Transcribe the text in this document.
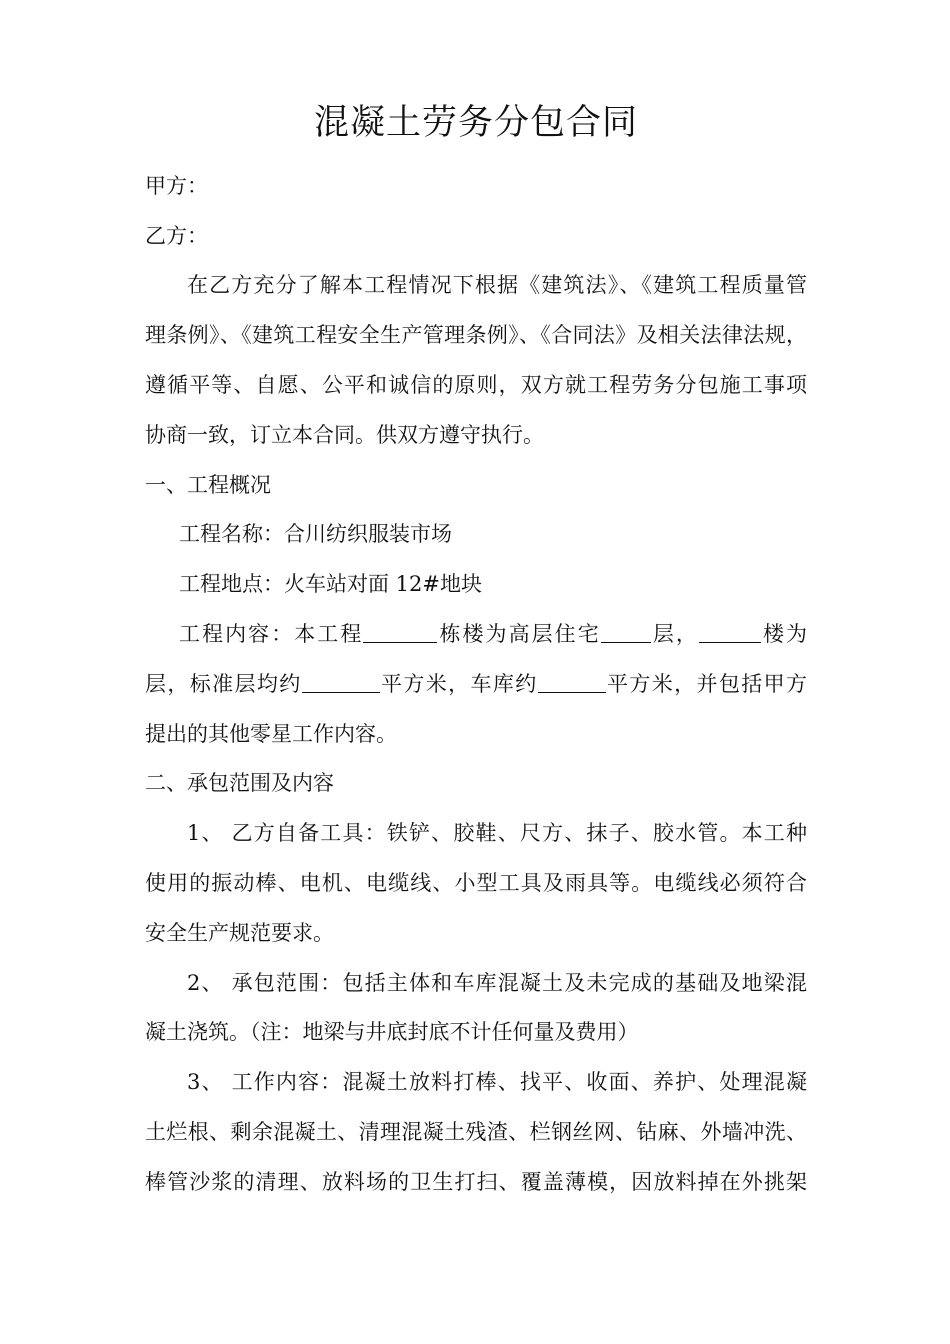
混凝土劳务分包合同
甲方：
乙方：
在乙方充分了解本工程情况下根据《建筑法》、《建筑工程质量管
理条例》、《建筑工程安全生产管理条例》、《合同法》及相关法律法规，
遵循平等、自愿、公平和诚信的原则，双方就工程劳务分包施工事项
协商一致，订立本合同。供双方遵守执行。
一、工程概况
工程名称：合川纺织服装市场
工程地点：火车站对面 12#地块
工程内容：本工程	栋楼为高层住宅 层，	楼为
层，标准层均约	平方米，车库约	平方米，并包括甲方
提出的其他零星工作内容。
二、承包范围及内容
1、 乙方自备工具：铁铲、胶鞋、尺方、抹子、胶水管。本工种
使用的振动棒、电机、电缆线、小型工具及雨具等。电缆线必须符合
安全生产规范要求。
2、 承包范围：包括主体和车库混凝土及未完成的基础及地梁混
凝土浇筑。（注：地梁与井底封底不计任何量及费用）
3、 工作内容：混凝土放料打棒、找平、收面、养护、处理混凝
土烂根、剩余混凝土、清理混凝土残渣、栏钢丝网、钻麻、外墙冲洗、
棒管沙浆的清理、放料场的卫生打扫、覆盖薄模，因放料掉在外挑架
